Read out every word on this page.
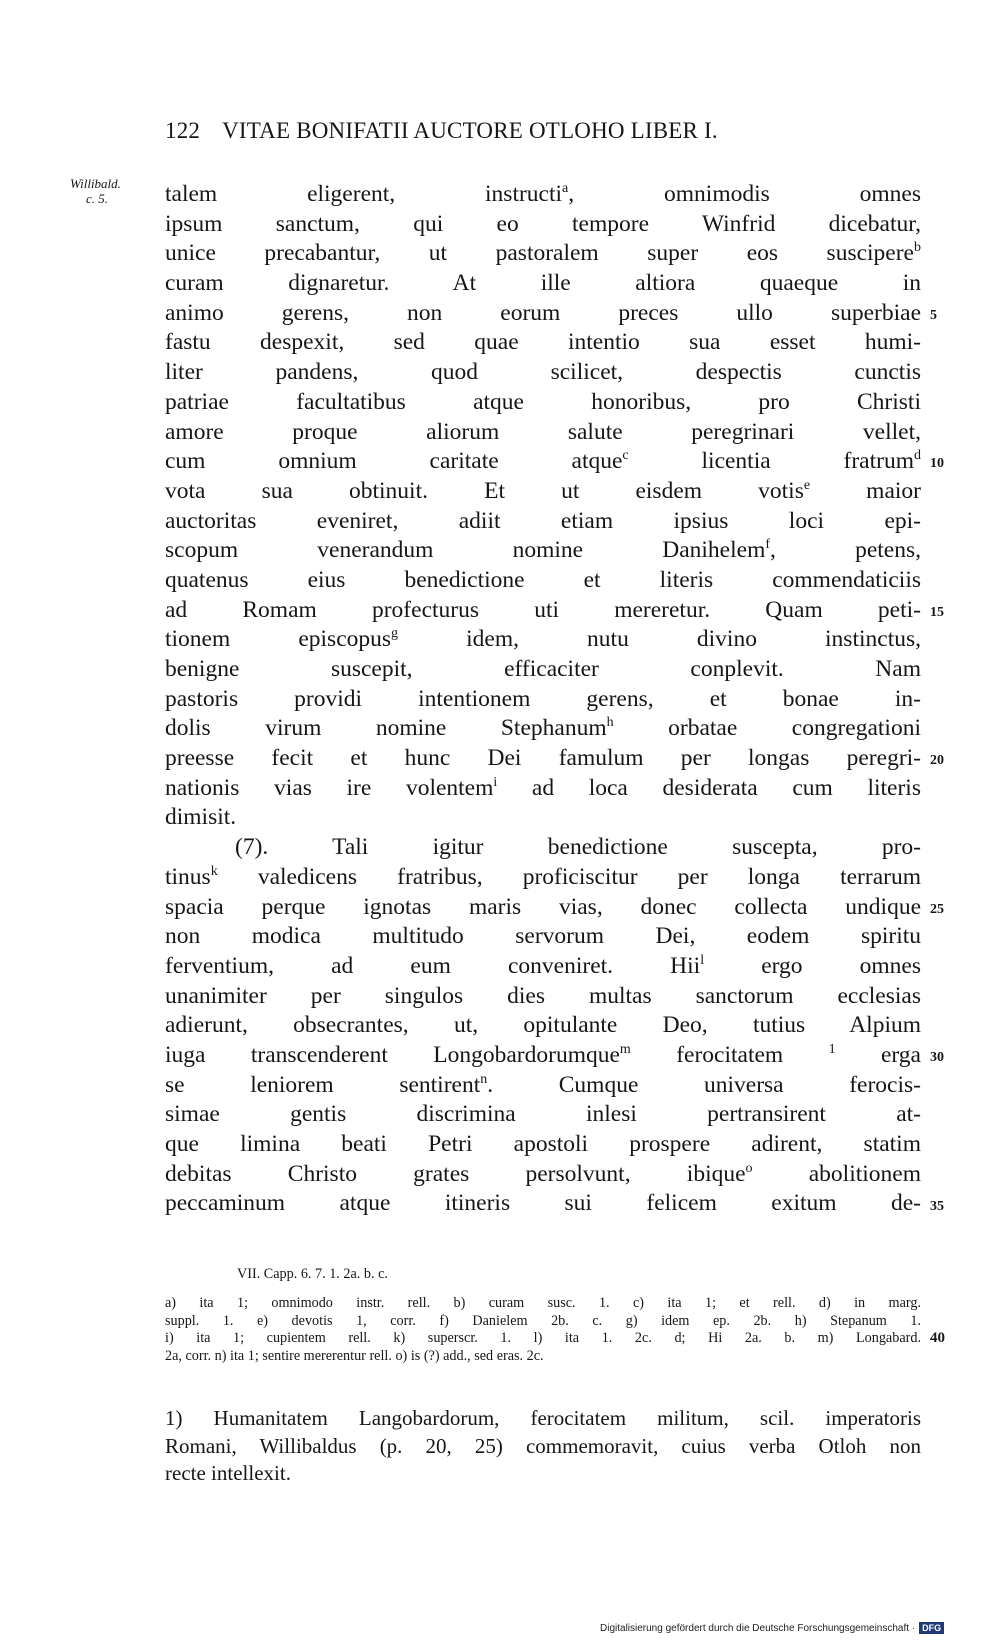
122 VITAE BONIFATII AUCTORE OTLOHO LIBER I.
Willibald.
c. 5.	talem eligerent, instructi$^a$, omnimodis omnes
ipsum sanctum, qui eo tempore Winfrid dicebatur,
unice precabantur, ut pastoralem super eos suscipere$^b$
curam dignaretur. At ille altiora quaeque in
animo gerens, non eorum preces ullo superbiae
fastu despexit, sed quae intentio sua esset humi-
liter pandens, quod scilicet, despectis cunctis
patriae facultatibus atque honoribus, pro Christi
amore proque aliorum salute peregrinari vellet,
cum omnium caritate atque$^c$ licentia fratrum$^d$
vota sua obtinuit. Et ut eisdem votis$^e$ maior
auctoritas eveniret, adiit etiam ipsius loci epi-
scopum venerandum nomine Danihelem$^f$, petens,
quatenus eius benedictione et literis commendaticiis
ad Romam profecturus uti mereretur. Quam peti-
tionem episcopus$^g$ idem, nutu divino instinctus,
benigne suscepit, efficaciter conplevit. Nam
pastoris providi intentionem gerens, et bonae in-
dolis virum nomine Stephanum$^h$ orbatae congregationi
preesse fecit et hunc Dei famulum per longas peregri-
nationis vias ire volentem$^i$ ad loca desiderata cum literis
dimisit.
(7). Tali igitur benedictione suscepta, pro-
tinus$^k$ valedicens fratribus, proficiscitur per longa terrarum
spacia perque ignotas maris vias, donec collecta undique
non modica multitudo servorum Dei, eodem spiritu
ferventium, ad eum conveniret. Hii$^l$ ergo omnes
unanimiter per singulos dies multas sanctorum ecclesias
adierunt, obsecrantes, ut, opitulante Deo, tutius Alpium
iuga transcenderent Longobardorumque$^m$ ferocitatem $^1$ erga
se leniorem sentirent$^n$. Cumque universa ferocis-
simae gentis discrimina inlesi pertransirent at-
que limina beati Petri apostoli prospere adirent, statim
debitas Christo grates persolvunt, ibique$^o$ abolitionem
peccaminum atque itineris sui felicem exitum de-
5
10
15
20
25
30
35
VII. Capp. 6. 7. 1. 2a. b. c.
a) ita 1; omnimodo instr. rell. b) curam susc. 1. c) ita 1; et rell. d) in marg.
suppl. 1. e) devotis 1, corr. f) Danielem 2b. c. g) idem ep. 2b. h) Stepanum 1.
i) ita 1; cupientem rell. k) superscr. 1. l) ita 1. 2c. d; Hi 2a. b. m) Longabard.
2a, corr. n) ita 1; sentire mererentur rell. o) is (?) add., sed eras. 2c.
40
1) Humanitatem Langobardorum, ferocitatem militum, scil. imperatoris
Romani, Willibaldus (p. 20, 25) commemoravit, cuius verba Otloh non
recte intellexit.
Digitalisierung gefördert durch die Deutsche Forschungsgemeinschaft · DFG
